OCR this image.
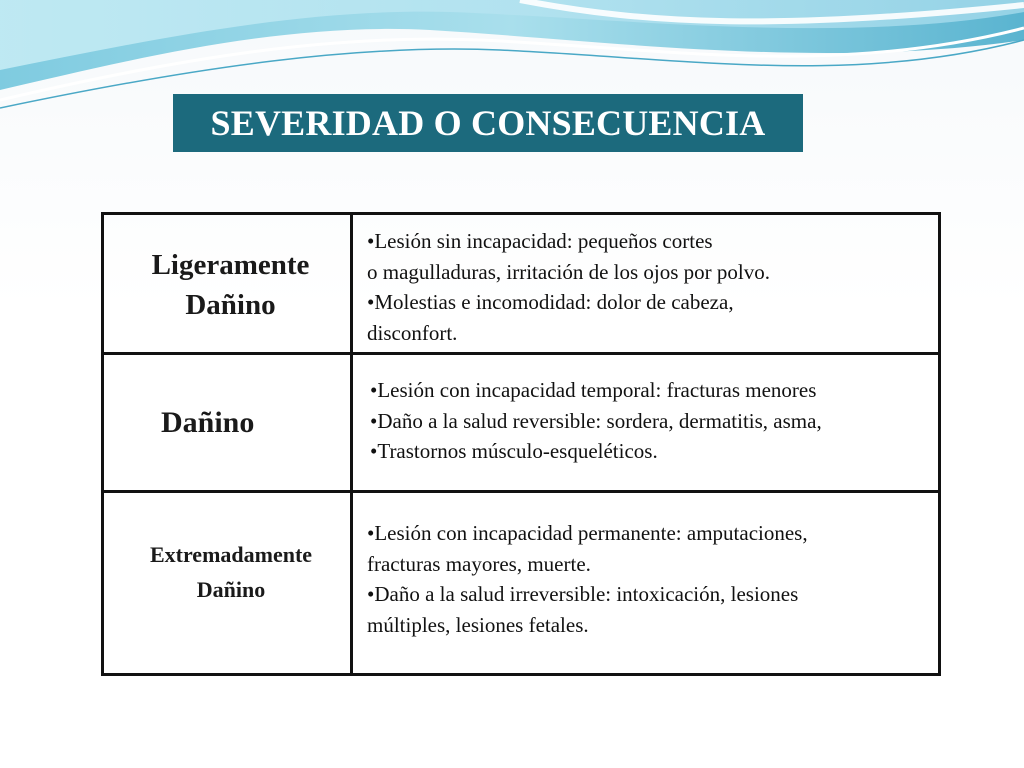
SEVERIDAD O CONSECUENCIA
Ligeramente
Dañino

•Lesión sin incapacidad: pequeños cortes

o magulladuras, irritación de los ojos por polvo.

•Molestias e incomodidad: dolor de cabeza,

disconfort.

Dañino

•Lesión con incapacidad temporal: fracturas menores

•Daño a la salud reversible: sordera, dermatitis, asma,

•Trastornos músculo-esqueléticos.

Extremadamente
Dañino

•Lesión con incapacidad permanente: amputaciones,

fracturas mayores, muerte.

•Daño a la salud irreversible: intoxicación, lesiones

múltiples, lesiones fetales.
